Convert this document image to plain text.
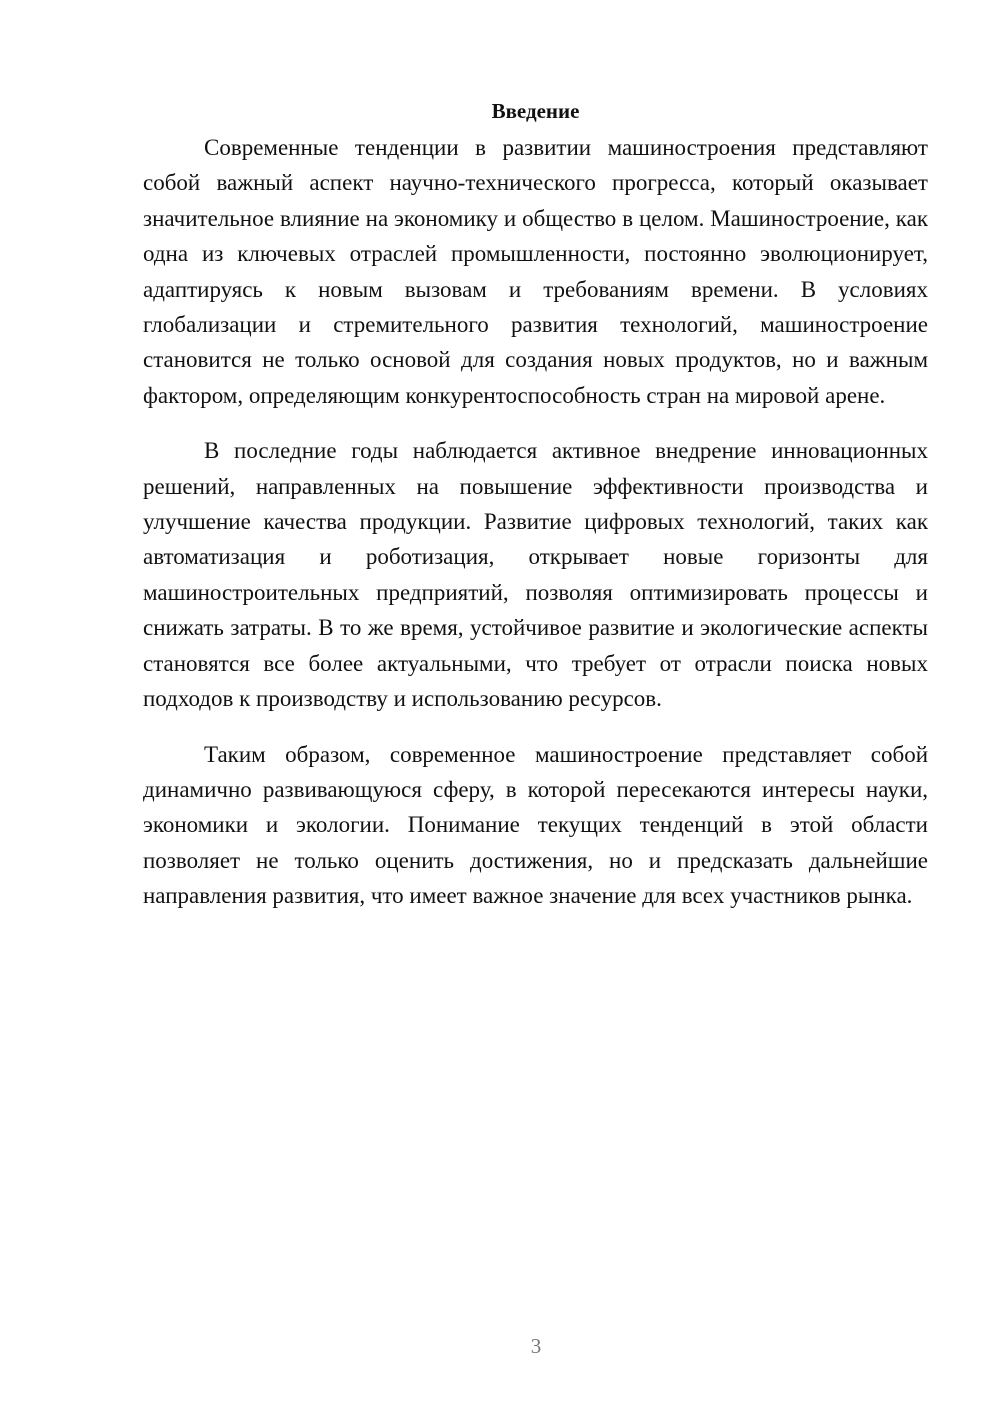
Введение

Современные тенденции в развитии машиностроения представляют собой важный аспект научно-технического прогресса, который оказывает значительное влияние на экономику и общество в целом. Машиностроение, как одна из ключевых отраслей промышленности, постоянно эволюционирует, адаптируясь к новым вызовам и требованиям времени. В условиях глобализации и стремительного развития технологий, машиностроение становится не только основой для создания новых продуктов, но и важным фактором, определяющим конкурентоспособность стран на мировой арене.

В последние годы наблюдается активное внедрение инновационных решений, направленных на повышение эффективности производства и улучшение качества продукции. Развитие цифровых технологий, таких как автоматизация и роботизация, открывает новые горизонты для машиностроительных предприятий, позволяя оптимизировать процессы и снижать затраты. В то же время, устойчивое развитие и экологические аспекты становятся все более актуальными, что требует от отрасли поиска новых подходов к производству и использованию ресурсов.

Таким образом, современное машиностроение представляет собой динамично развивающуюся сферу, в которой пересекаются интересы науки, экономики и экологии. Понимание текущих тенденций в этой области позволяет не только оценить достижения, но и предсказать дальнейшие направления развития, что имеет важное значение для всех участников рынка.

3
